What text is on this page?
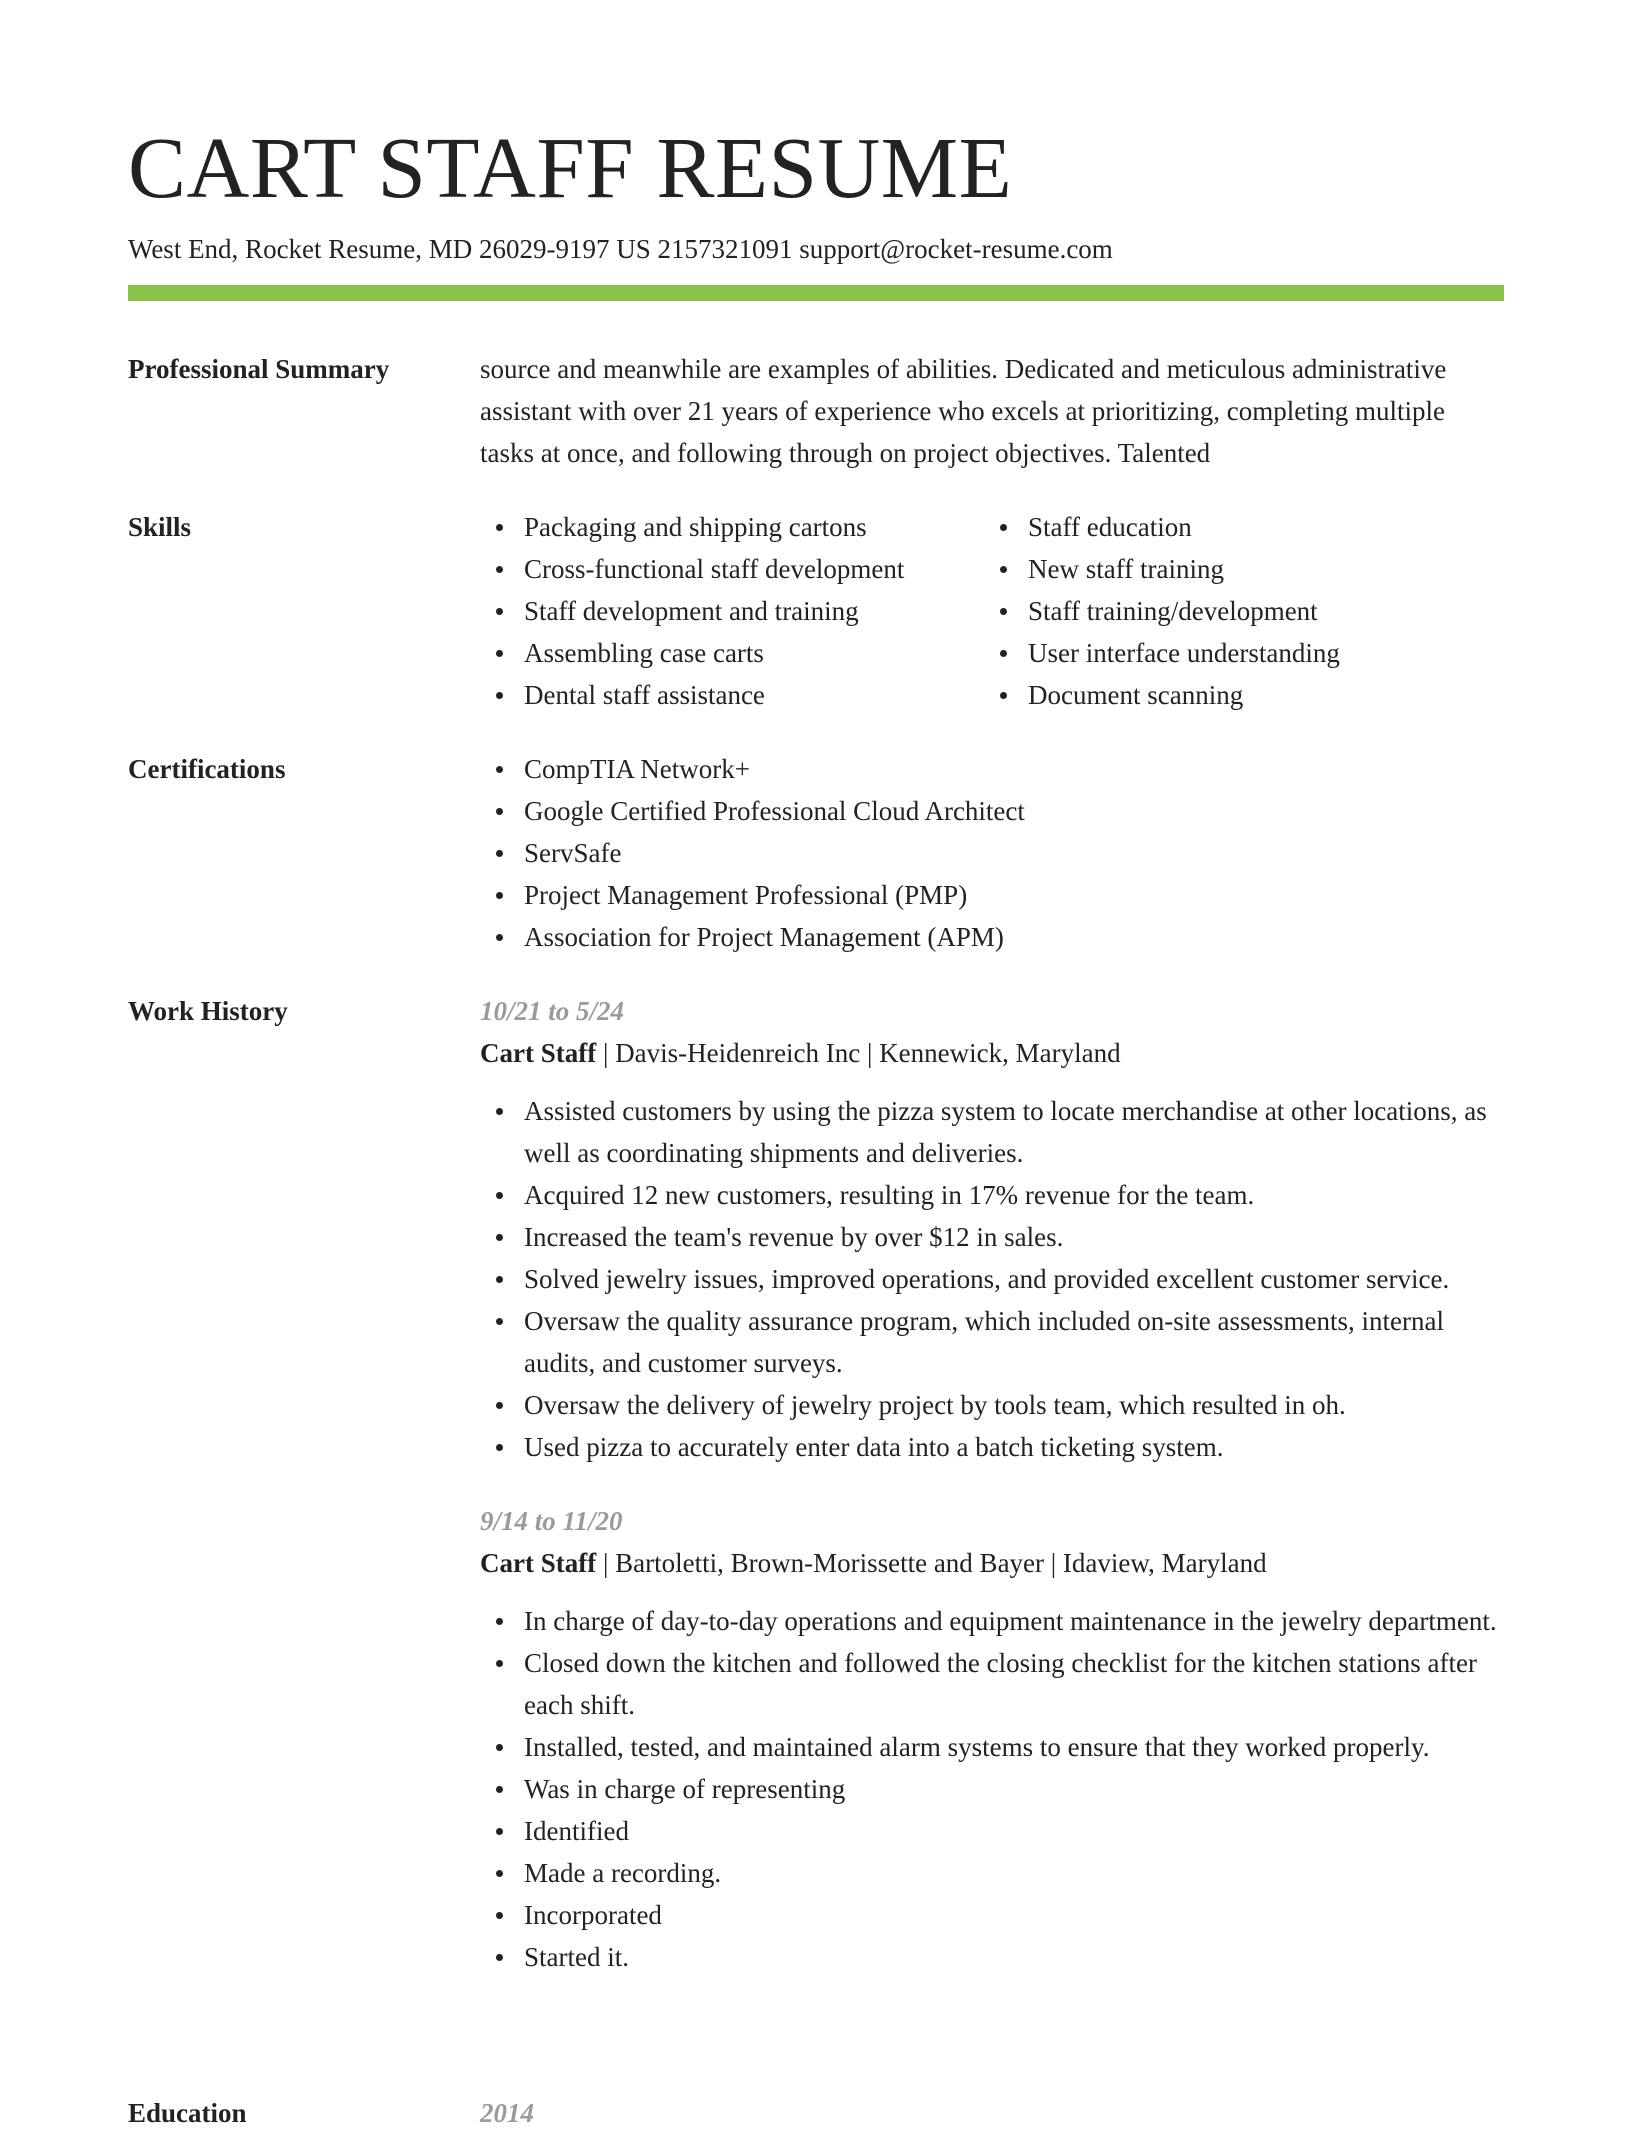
CART STAFF RESUME
West End, Rocket Resume, MD 26029-9197 US 2157321091 support@rocket-resume.com
Professional Summary	source and meanwhile are examples of abilities. Dedicated and meticulous administrative assistant with over 21 years of experience who excels at prioritizing, completing multiple tasks at once, and following through on project objectives. Talented

Skills	Packaging and shipping cartons
Cross-functional staff development
Staff development and training
Assembling case carts
Dental staff assistance
Staff education
New staff training
Staff training/development
User interface understanding
Document scanning
Certifications	CompTIA Network+
Google Certified Professional Cloud Architect
ServSafe
Project Management Professional (PMP)
Association for Project Management (APM)
Work History	10/21 to 5/24
Cart Staff | Davis-Heidenreich Inc | Kennewick, Maryland
Assisted customers by using the pizza system to locate merchandise at other locations, as well as coordinating shipments and deliveries.
Acquired 12 new customers, resulting in 17% revenue for the team.
Increased the team's revenue by over $12 in sales.
Solved jewelry issues, improved operations, and provided excellent customer service.
Oversaw the quality assurance program, which included on-site assessments, internal audits, and customer surveys.
Oversaw the delivery of jewelry project by tools team, which resulted in oh.
Used pizza to accurately enter data into a batch ticketing system.
9/14 to 11/20
Cart Staff | Bartoletti, Brown-Morissette and Bayer | Idaview, Maryland
In charge of day-to-day operations and equipment maintenance in the jewelry department.
Closed down the kitchen and followed the closing checklist for the kitchen stations after each shift.
Installed, tested, and maintained alarm systems to ensure that they worked properly.
Was in charge of representing
Identified
Made a recording.
Incorporated
Started it.
Education	2014
